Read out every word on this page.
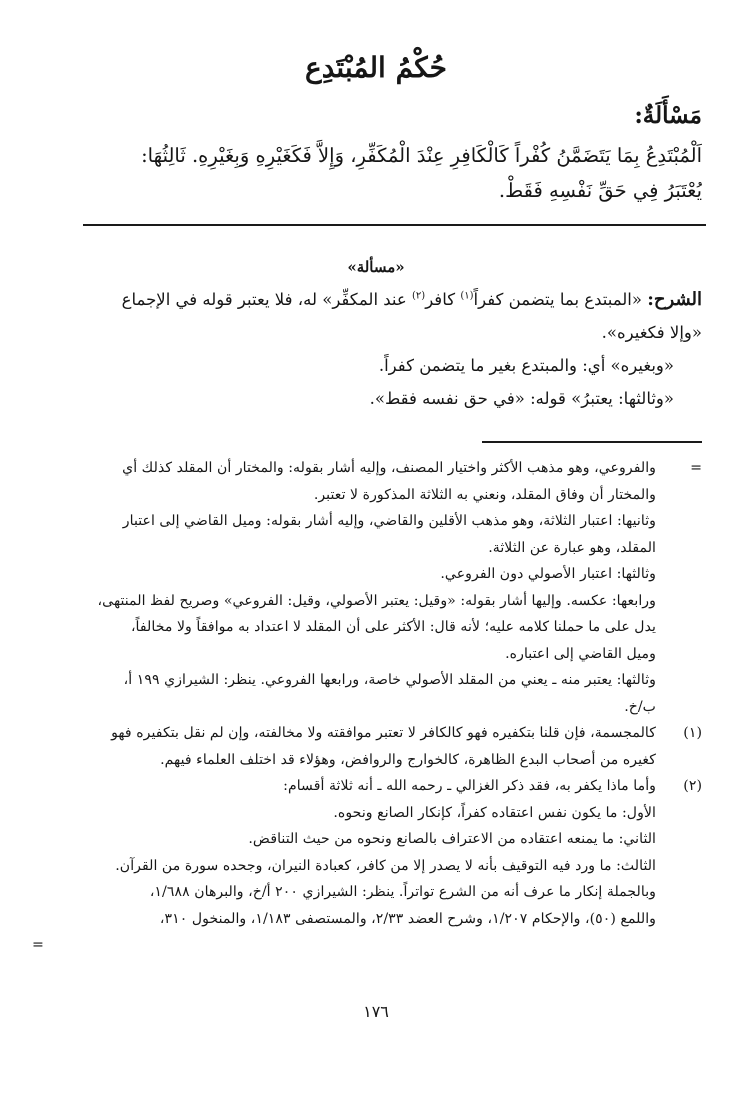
حُكْمُ المُبْتَدِع
مَسْأَلَةٌ:
اَلْمُبْتَدِعُ بِمَا يَتَضَمَّنُ كُفْراً كَالْكَافِرِ عِنْدَ الْمُكَفِّرِ، وَإِلاَّ فَكَغَيْرِهِ وَبِغَيْرِهِ. ثَالِثُهَا:
يُعْتَبَرُ فِي حَقِّ نَفْسِهِ فَقَطْ.
«مسألة»
الشرح: «المبتدع بما يتضمن كفراً$^{(١)}$ كافر$^{(٢)}$ عند المكفِّر» له، فلا يعتبر قوله في الإجماع
«وإلا فكغيره».
«وبغيره» أي: والمبتدع بغير ما يتضمن كفراً.
«وثالثها: يعتبرُ» قوله: «في حق نفسه فقط».
=
والفروعي، وهو مذهب الأكثر واختيار المصنف، وإليه أشار بقوله: والمختار أن المقلد كذلك أي
والمختار أن وفاق المقلد، ونعني به الثلاثة المذكورة لا تعتبر.
وثانيها: اعتبار الثلاثة، وهو مذهب الأقلين والقاضي، وإليه أشار بقوله: وميل القاضي إلى اعتبار
المقلد، وهو عبارة عن الثلاثة.
وثالثها: اعتبار الأصولي دون الفروعي.
ورابعها: عكسه. وإليها أشار بقوله: «وقيل: يعتبر الأصولي، وقيل: الفروعي» وصريح لفظ المنتهى،
يدل على ما حملنا كلامه عليه؛ لأنه قال: الأكثر على أن المقلد لا اعتداد به موافقاً ولا مخالفاً،
وميل القاضي إلى اعتباره.
وثالثها: يعتبر منه ـ يعني من المقلد الأصولي خاصة، ورابعها الفروعي. ينظر: الشيرازي ١٩٩ أ،
ب/خ.
(١)
كالمجسمة، فإن قلنا بتكفيره فهو كالكافر لا تعتبر موافقته ولا مخالفته، وإن لم نقل بتكفيره فهو
كغيره من أصحاب البدع الظاهرة، كالخوارج والروافض، وهؤلاء قد اختلف العلماء فيهم.
(٢)
وأما ماذا يكفر به، فقد ذكر الغزالي ـ رحمه الله ـ أنه ثلاثة أقسام:
الأول: ما يكون نفس اعتقاده كفراً، كإنكار الصانع ونحوه.
الثاني: ما يمنعه اعتقاده من الاعتراف بالصانع ونحوه من حيث التناقض.
الثالث: ما ورد فيه التوقيف بأنه لا يصدر إلا من كافر، كعبادة النيران، وجحده سورة من القرآن.
وبالجملة إنكار ما عرف أنه من الشرع تواتراً. ينظر: الشيرازي ٢٠٠ أ/خ، والبرهان ١/٦٨٨،
واللمع (٥٠)، والإحكام ١/٢٠٧، وشرح العضد ٢/٣٣، والمستصفى ١/١٨٣، والمنخول ٣١٠،
=
١٧٦
